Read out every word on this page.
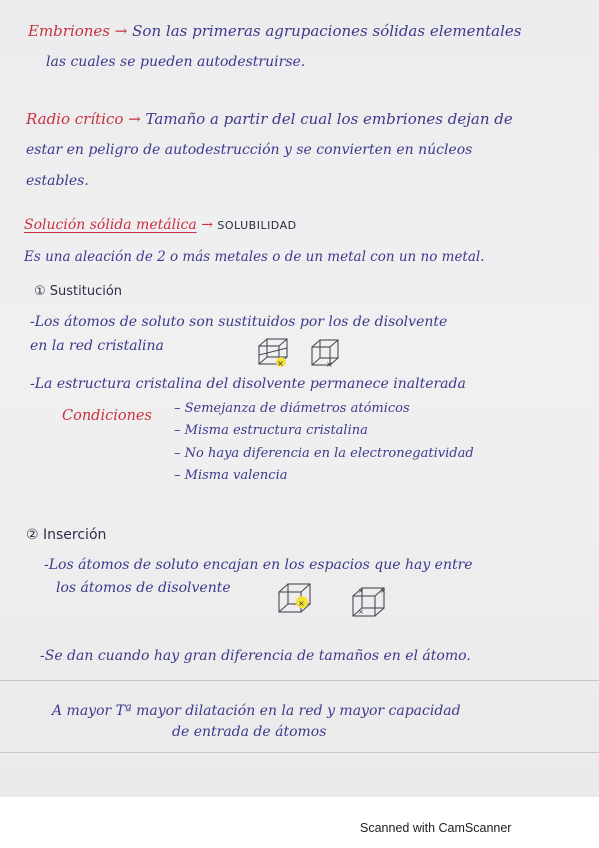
Embriones → Son las primeras agrupaciones sólidas elementales
las cuales se pueden autodestruirse.
Radio crítico → Tamaño a partir del cual los embriones dejan de
estar en peligro de autodestrucción y se convierten en núcleos
estables.
Solución sólida metálica → SOLUBILIDAD
Es una aleación de 2 o más metales o de un metal con un no metal.
① Sustitución
-Los átomos de soluto son sustituidos por los de disolvente
en la red cristalina
×	×
-La estructura cristalina del disolvente permanece inalterada
Condiciones – Semejanza de diámetros atómicos
– Misma estructura cristalina
– No haya diferencia en la electronegatividad
– Misma valencia
② Inserción
-Los átomos de soluto encajan en los espacios que hay entre
los átomos de disolvente
×
× ×
×
-Se dan cuando hay gran diferencia de tamaños en el átomo.
A mayor Tª mayor dilatación en la red y mayor capacidad
de entrada de átomos
Scanned with CamScanner
